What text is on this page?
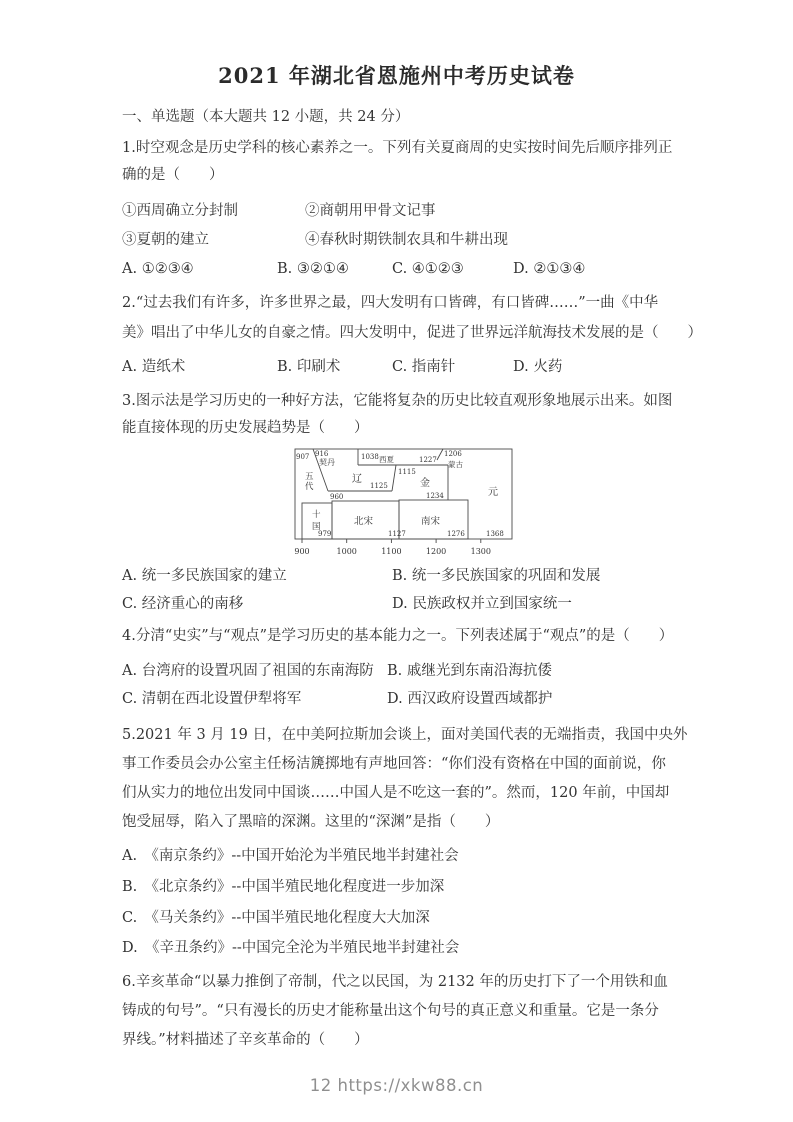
2021 年湖北省恩施州中考历史试卷
一、单选题（本大题共 12 小题，共 24 分）
1.时空观念是历史学科的核心素养之一。下列有关夏商周的史实按时间先后顺序排列正
确的是（　　）
①西周确立分封制	②商朝用甲骨文记事
③夏朝的建立	④春秋时期铁制农具和牛耕出现
A. ①②③④	B. ③②①④	C. ④①②③	D. ②①③④
2.“过去我们有许多，许多世界之最，四大发明有口皆碑，有口皆碑……”一曲《中华
美》唱出了中华儿女的自豪之情。四大发明中，促进了世界远洋航海技术发展的是（　　）
A. 造纸术	B. 印刷术	C. 指南针	D. 火药
3.图示法是学习历史的一种好方法，它能将复杂的历史比较直观形象地展示出来。如图
能直接体现的历史发展趋势是（　　）
907 916
契丹
五
代
辽
1125
960
十
国
979
北宋
1127
1038 西夏	1227
1206
蒙古
1115
金
1234
南宋
1276
元
1368
900	1000	1100	1200	1300
A. 统一多民族国家的建立	B. 统一多民族国家的巩固和发展
C. 经济重心的南移	D. 民族政权并立到国家统一
4.分清“史实”与“观点”是学习历史的基本能力之一。下列表述属于“观点”的是（　　）
A. 台湾府的设置巩固了祖国的东南海防 B. 戚继光到东南沿海抗倭
C. 清朝在西北设置伊犁将军	D. 西汉政府设置西域都护
5.2021 年 3 月 19 日，在中美阿拉斯加会谈上，面对美国代表的无端指责，我国中央外
事工作委员会办公室主任杨洁篪掷地有声地回答：“你们没有资格在中国的面前说，你
们从实力的地位出发同中国谈……中国人是不吃这一套的”。然而，120 年前，中国却
饱受屈辱，陷入了黑暗的深渊。这里的“深渊”是指（　　）
A.　《南京条约》--中国开始沦为半殖民地半封建社会
B.　《北京条约》--中国半殖民地化程度进一步加深
C.　《马关条约》--中国半殖民地化程度大大加深
D.　《辛丑条约》--中国完全沦为半殖民地半封建社会
6.辛亥革命“以暴力推倒了帝制，代之以民国，为 2132 年的历史打下了一个用铁和血
铸成的句号”。“只有漫长的历史才能称量出这个句号的真正意义和重量。它是一条分
界线。”材料描述了辛亥革命的（　　）
12 https://xkw88.cn
